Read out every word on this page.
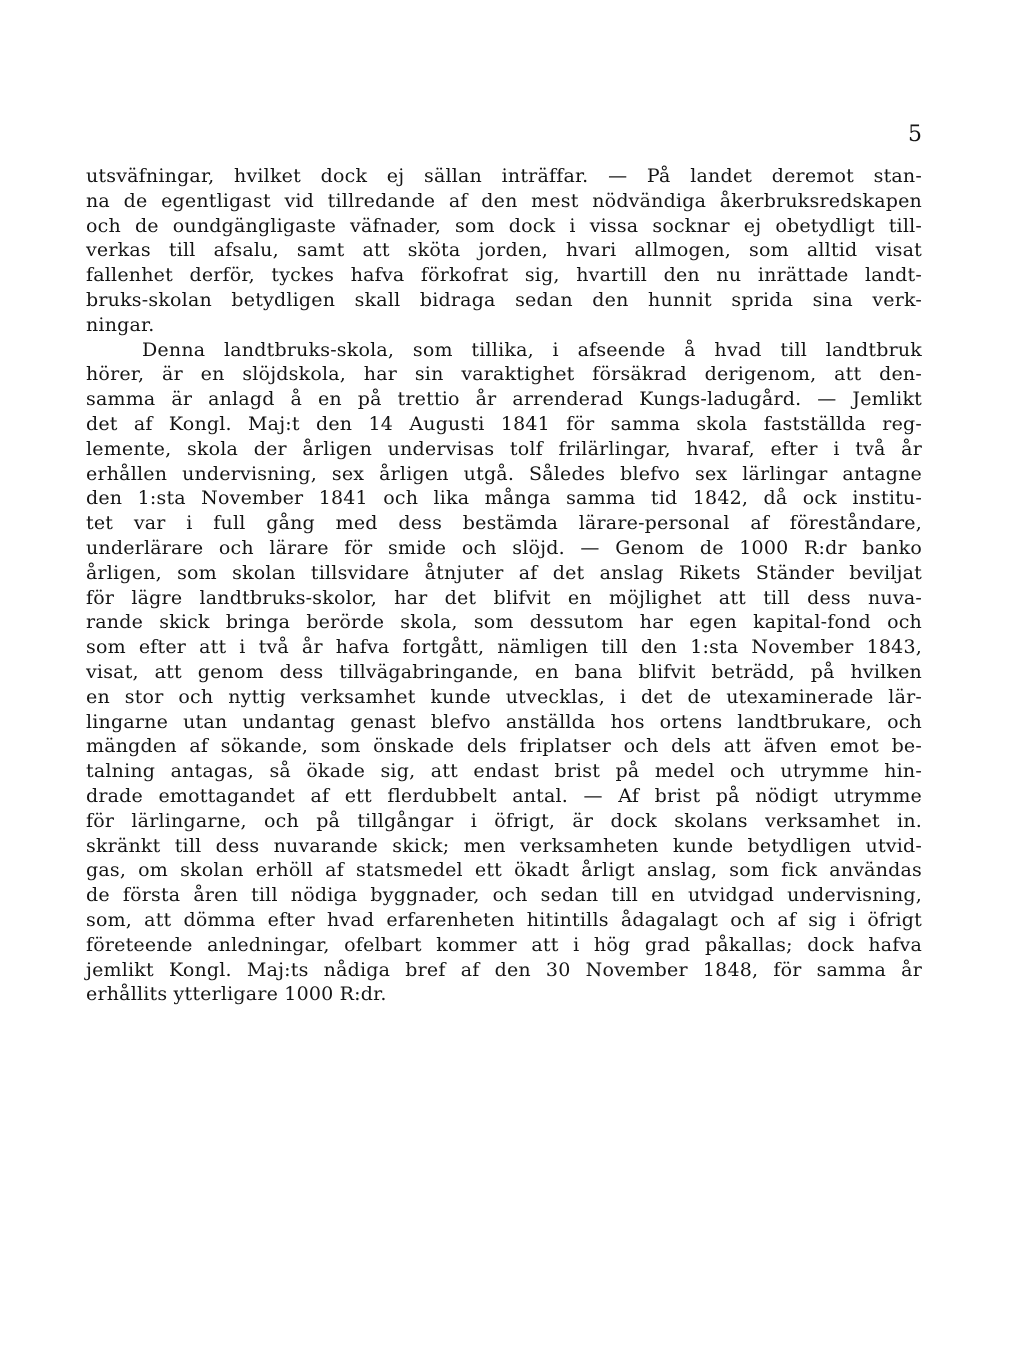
5
utsväfningar, hvilket dock ej sällan inträffar. — På landet deremot stan-
na de egentligast vid tillredande af den mest nödvändiga åkerbruksredskapen
och de oundgängligaste väfnader, som dock i vissa socknar ej obetydligt till-
verkas till afsalu, samt att sköta jorden, hvari allmogen, som alltid visat
fallenhet derför, tyckes hafva förkofrat sig, hvartill den nu inrättade landt-
bruks-skolan betydligen skall bidraga sedan den hunnit sprida sina verk-
ningar.
Denna landtbruks-skola, som tillika, i afseende å hvad till landtbruk
hörer, är en slöjdskola, har sin varaktighet försäkrad derigenom, att den-
samma är anlagd å en på trettio år arrenderad Kungs-ladugård. — Jemlikt
det af Kongl. Maj:t den 14 Augusti 1841 för samma skola fastställda reg-
lemente, skola der årligen undervisas tolf frilärlingar, hvaraf, efter i två år
erhållen undervisning, sex årligen utgå. Således blefvo sex lärlingar antagne
den 1:sta November 1841 och lika många samma tid 1842, då ock institu-
tet var i full gång med dess bestämda lärare-personal af föreståndare,
underlärare och lärare för smide och slöjd. — Genom de 1000 R:dr banko
årligen, som skolan tillsvidare åtnjuter af det anslag Rikets Ständer beviljat
för lägre landtbruks-skolor, har det blifvit en möjlighet att till dess nuva-
rande skick bringa berörde skola, som dessutom har egen kapital-fond och
som efter att i två år hafva fortgått, nämligen till den 1:sta November 1843,
visat, att genom dess tillvägabringande, en bana blifvit beträdd, på hvilken
en stor och nyttig verksamhet kunde utvecklas, i det de utexaminerade lär-
lingarne utan undantag genast blefvo anställda hos ortens landtbrukare, och
mängden af sökande, som önskade dels friplatser och dels att äfven emot be-
talning antagas, så ökade sig, att endast brist på medel och utrymme hin-
drade emottagandet af ett flerdubbelt antal. — Af brist på nödigt utrymme
för lärlingarne, och på tillgångar i öfrigt, är dock skolans verksamhet in.
skränkt till dess nuvarande skick; men verksamheten kunde betydligen utvid-
gas, om skolan erhöll af statsmedel ett ökadt årligt anslag, som fick användas
de första åren till nödiga byggnader, och sedan till en utvidgad undervisning,
som, att dömma efter hvad erfarenheten hitintills ådagalagt och af sig i öfrigt
företeende anledningar, ofelbart kommer att i hög grad påkallas; dock hafva
jemlikt Kongl. Maj:ts nådiga bref af den 30 November 1848, för samma år
erhållits ytterligare 1000 R:dr.
